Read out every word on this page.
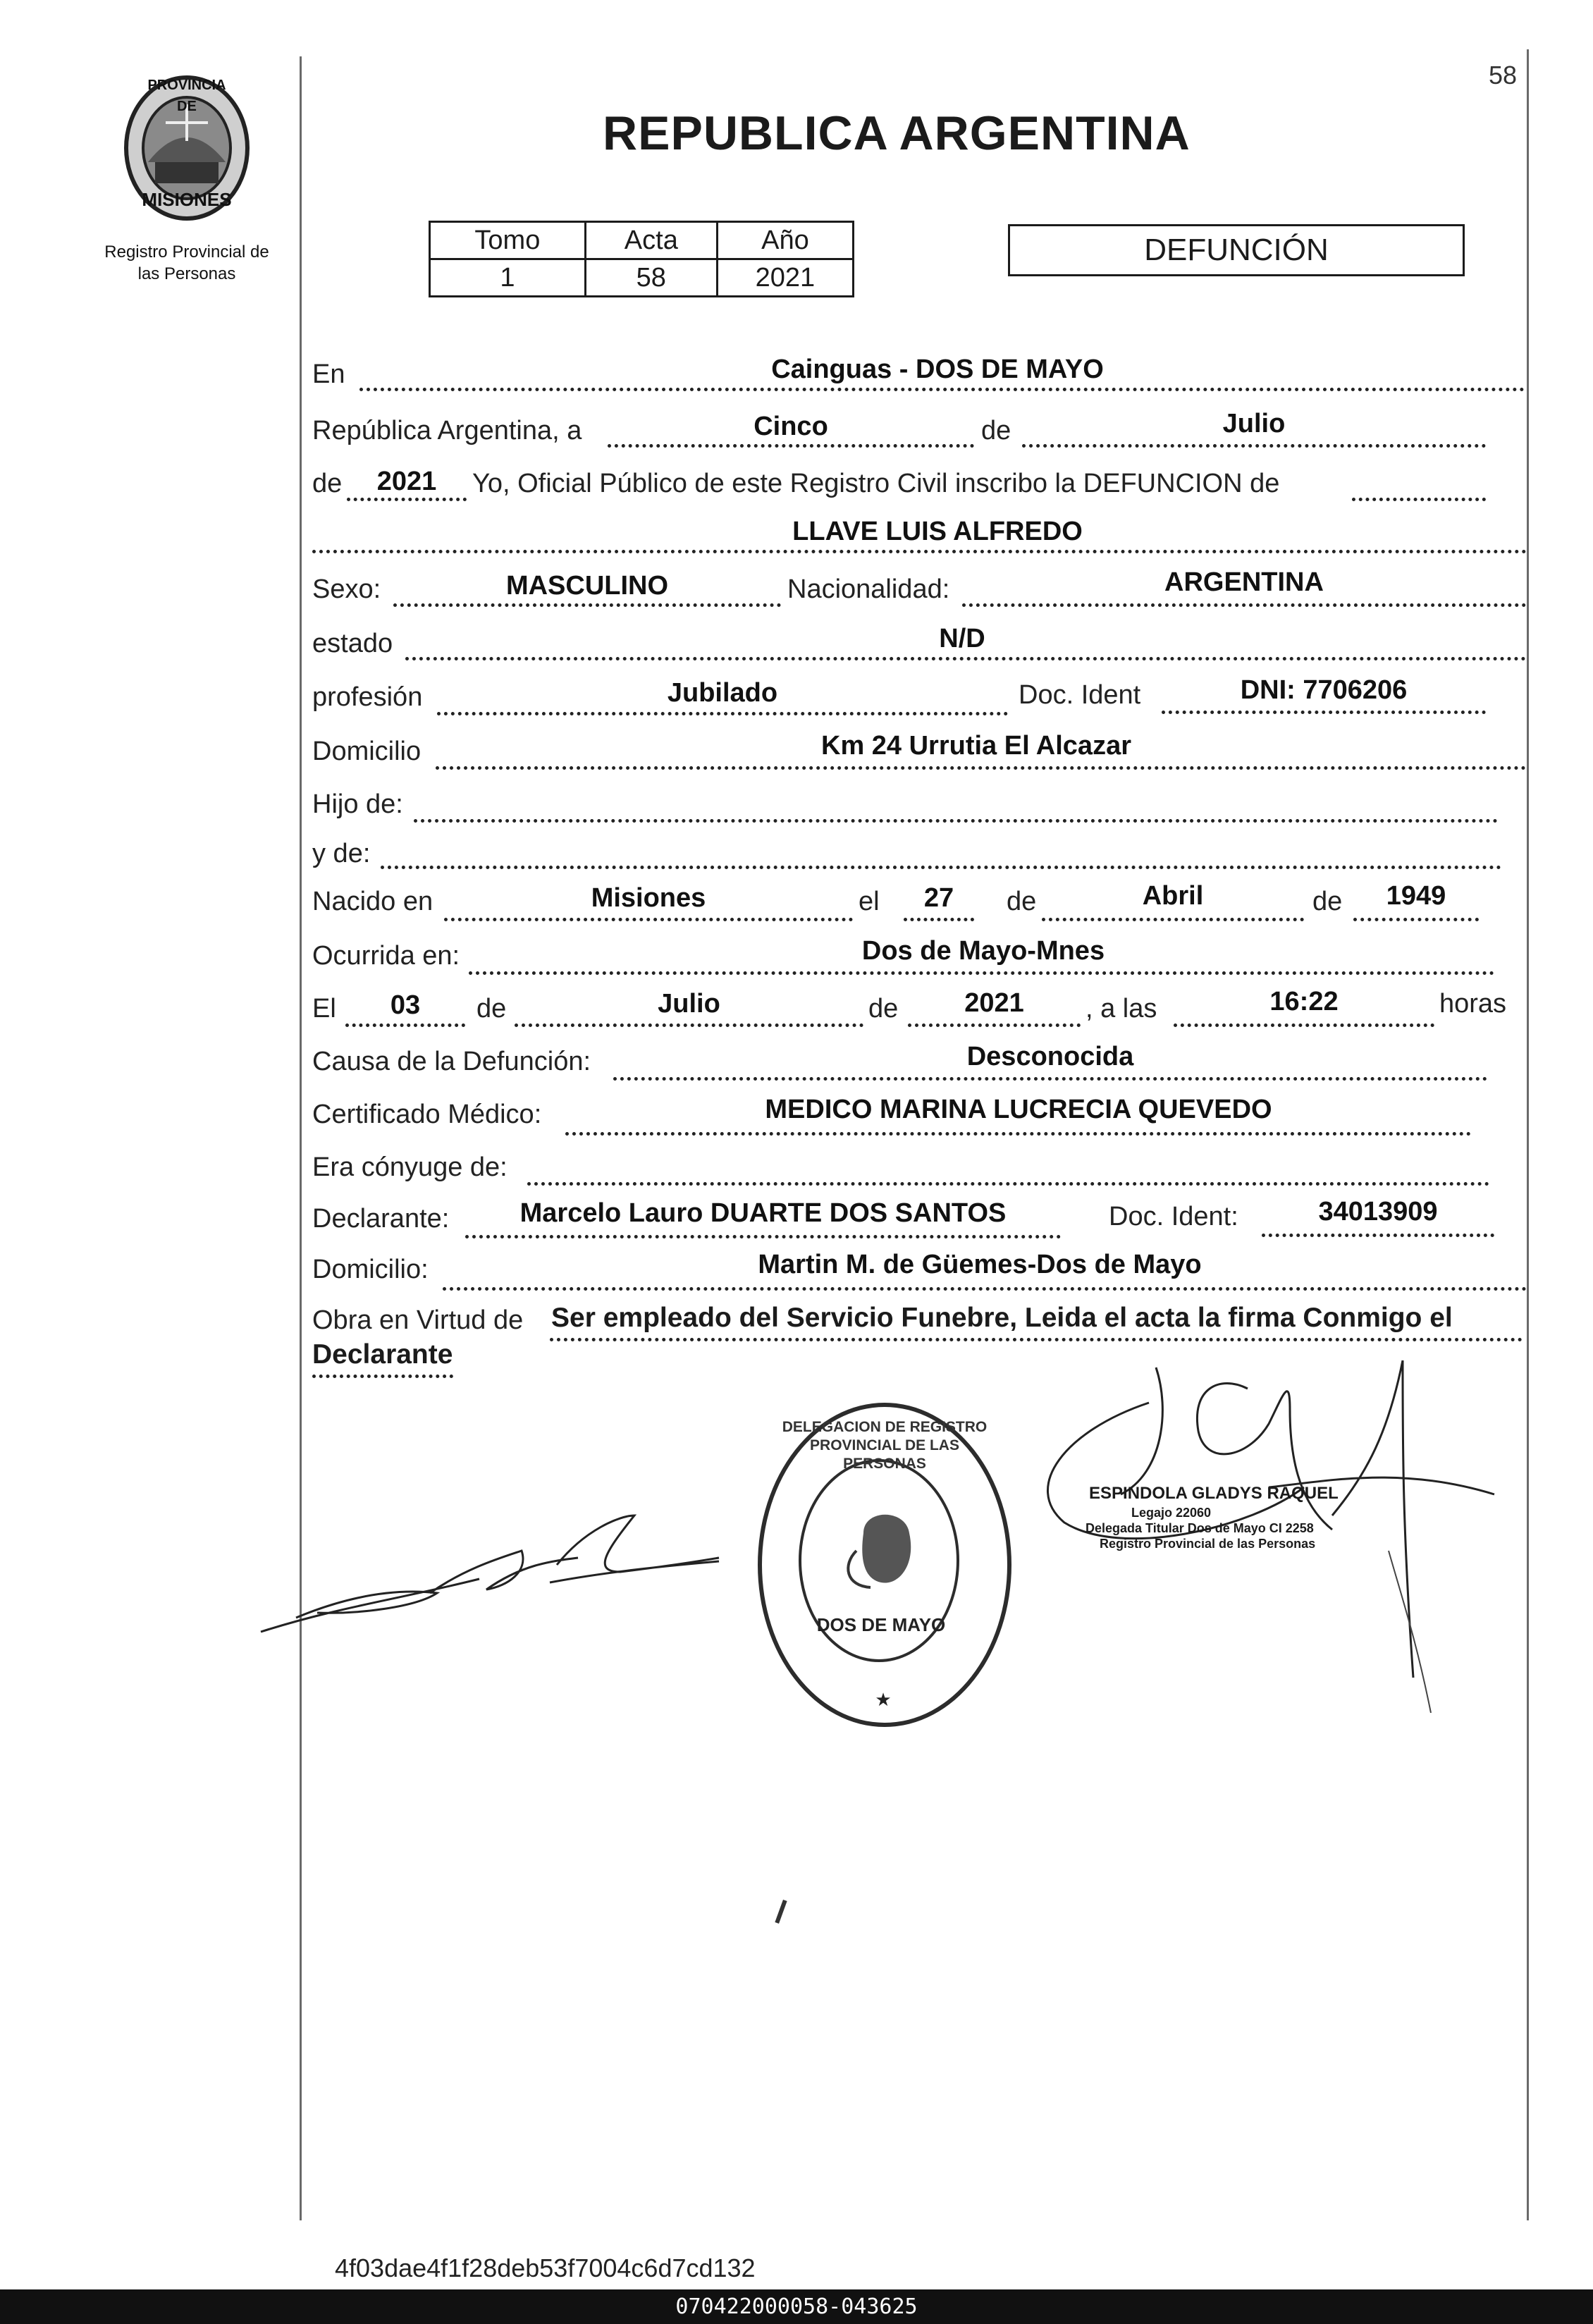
58
PROVINCIA DE
MISIONES
Registro Provincial de
las Personas
REPUBLICA ARGENTINA
Tomo	Acta	Año
1	58	2021
DEFUNCIÓN
En	Cainguas - DOS DE MAYO
República Argentina, a	Cinco	de	Julio
de	2021	Yo, Oficial Público de este Registro Civil inscribo la DEFUNCION de
LLAVE LUIS ALFREDO
Sexo:	MASCULINO	Nacionalidad:	ARGENTINA
estado	N/D
profesión	Jubilado	Doc. Ident	DNI: 7706206
Domicilio	Km 24 Urrutia El Alcazar
Hijo de:
y de:
Nacido en	Misiones	el	27	de	Abril	de	1949
Ocurrida en:	Dos de Mayo-Mnes
El	03	de	Julio	de	2021	, a las	16:22	horas
Causa de la Defunción:	Desconocida
Certificado Médico:	MEDICO MARINA LUCRECIA QUEVEDO
Era cónyuge de:
Declarante:	Marcelo Lauro DUARTE DOS SANTOS	Doc. Ident:	34013909
Domicilio:	Martin M. de Güemes-Dos de Mayo
Obra en Virtud de Ser empleado del Servicio Funebre, Leida el acta la firma Conmigo el
Declarante
★
DELEGACION DE REGISTRO PROVINCIAL DE LAS PERSONAS
DOS DE MAYO
ESPINDOLA GLADYS RAQUEL
Legajo 22060
Delegada Titular Dos de Mayo CI 2258
Registro Provincial de las Personas
4f03dae4f1f28deb53f7004c6d7cd132
070422000058-043625
